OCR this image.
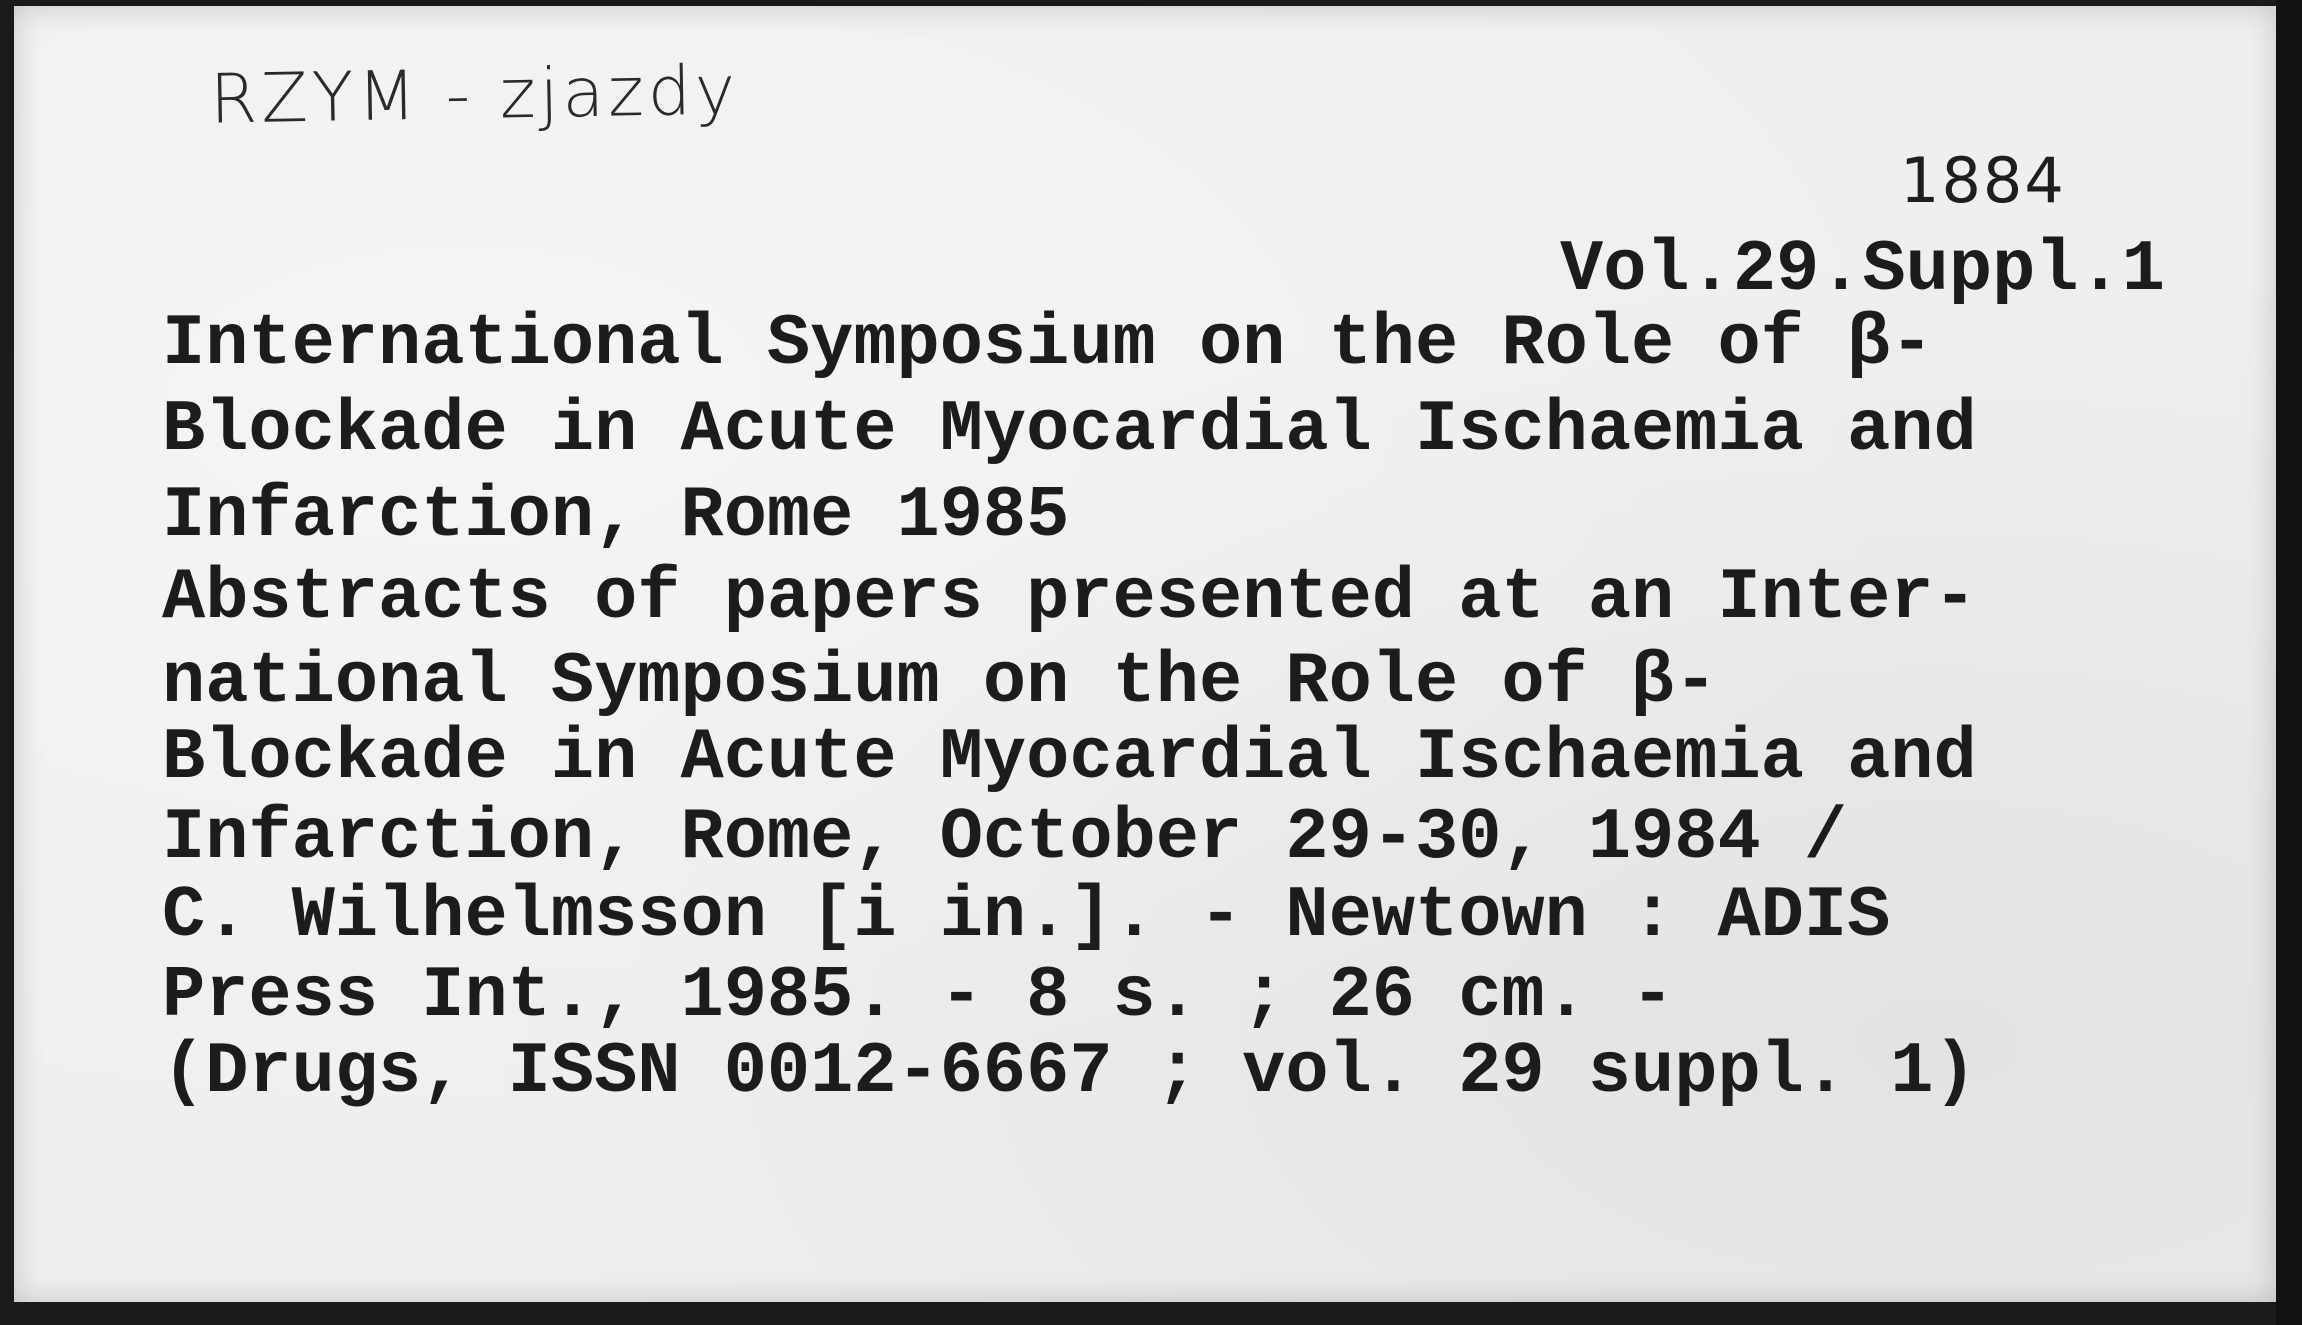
RZYM - zjazdy
1884
Vol.29.Suppl.1
International Symposium on the Role of β-
Blockade in Acute Myocardial Ischaemia and
Infarction, Rome 1985
Abstracts of papers presented at an Inter-
national Symposium on the Role of β-
Blockade in Acute Myocardial Ischaemia and
Infarction, Rome, October 29-30, 1984 /
C. Wilhelmsson [i in.]. - Newtown : ADIS
Press Int., 1985. - 8 s. ; 26 cm. -
(Drugs, ISSN 0012-6667 ; vol. 29 suppl. 1)
